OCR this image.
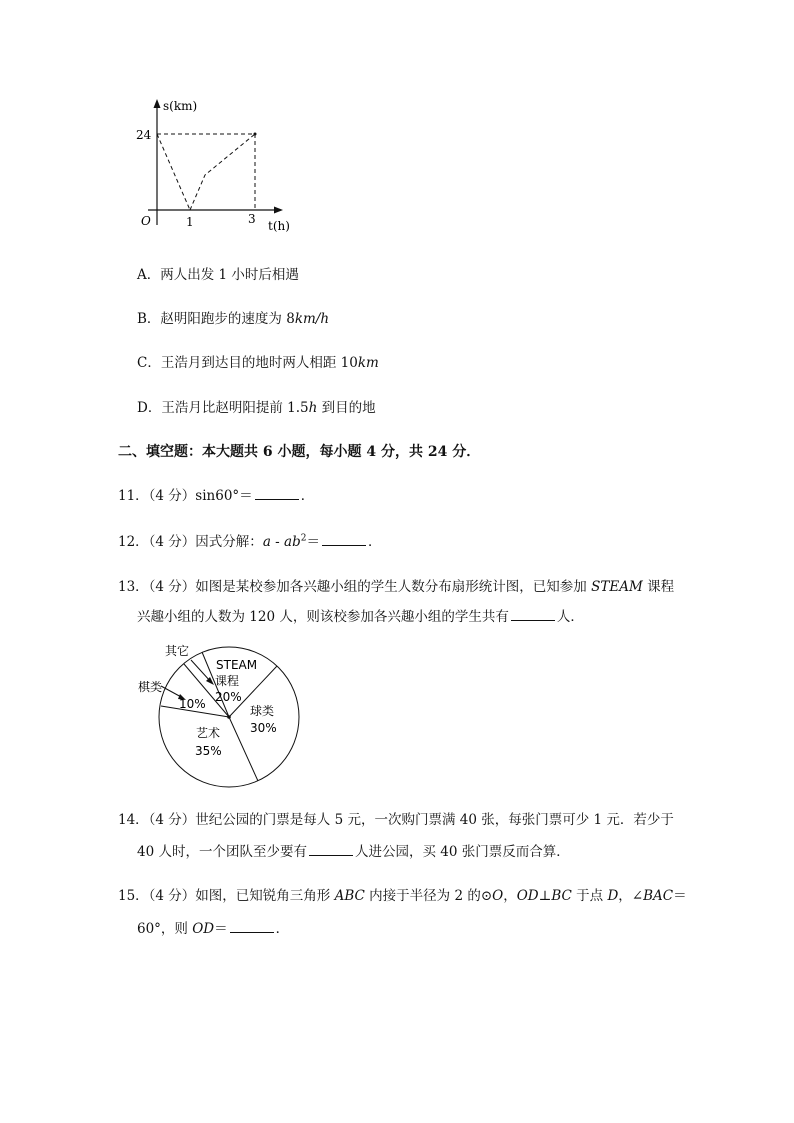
s(km)
24
O	1	3 t(h)
A．两人出发 1 小时后相遇
B．赵明阳跑步的速度为 8km/h
C．王浩月到达目的地时两人相距 10km
D．王浩月比赵明阳提前 1.5h 到目的地
二、填空题：本大题共 6 小题，每小题 4 分，共 24 分．
11．（4 分）sin60°＝	．
12．（4 分）因式分解：$a - ab^2=$	．
13．（4 分）如图是某校参加各兴趣小组的学生人数分布扇形统计图，已知参加 STEAM 课程
兴趣小组的人数为 120 人，则该校参加各兴趣小组的学生共有	人．
其它
棋类
10%
STEAM
课程
20%
球类
30%
艺术
35%
14．（4 分）世纪公园的门票是每人 5 元，一次购门票满 40 张，每张门票可少 1 元．若少于
40 人时，一个团队至少要有	人进公园，买 40 张门票反而合算．
15．（4 分）如图，已知锐角三角形 ABC 内接于半径为 2 的⊙O，OD⊥BC 于点 D，∠BAC＝
60°，则 OD＝	．
